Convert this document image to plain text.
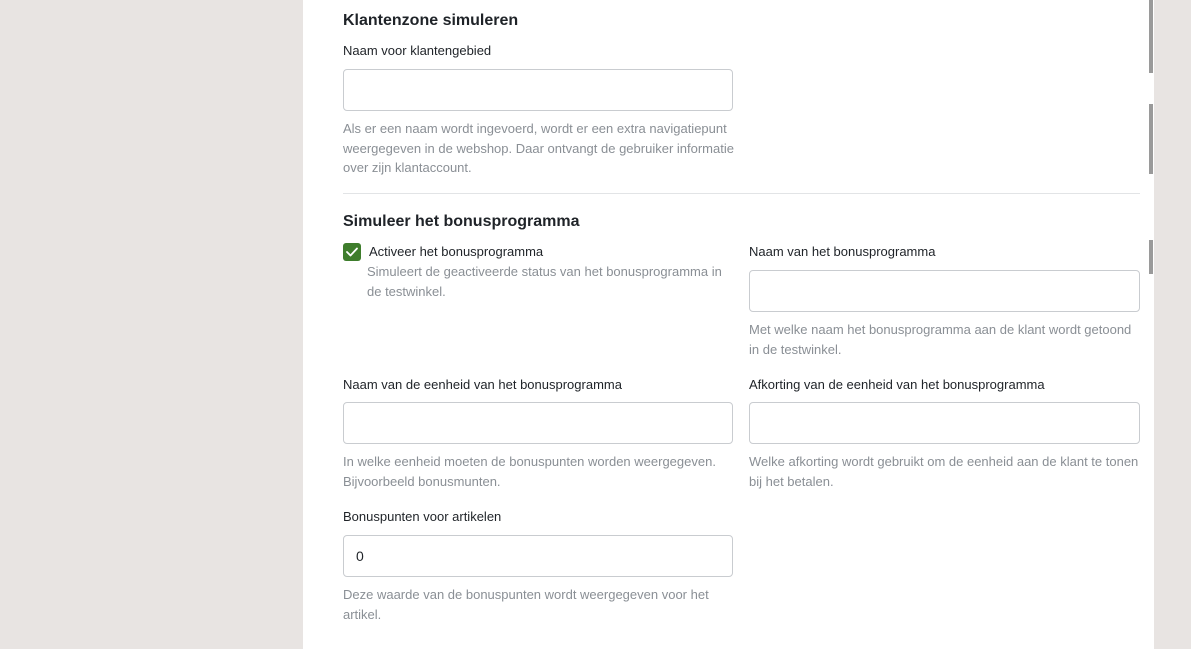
Klantenzone simuleren
Naam voor klantengebied
Als er een naam wordt ingevoerd, wordt er een extra navigatiepunt weergegeven in de webshop. Daar ontvangt de gebruiker informatie over zijn klantaccount.
Simuleer het bonusprogramma
Activeer het bonusprogramma
Simuleert de geactiveerde status van het bonusprogramma in de testwinkel.
Naam van het bonusprogramma
Met welke naam het bonusprogramma aan de klant wordt getoond in de testwinkel.
Naam van de eenheid van het bonusprogramma
In welke eenheid moeten de bonuspunten worden weergegeven. Bijvoorbeeld bonusmunten.
Afkorting van de eenheid van het bonusprogramma
Welke afkorting wordt gebruikt om de eenheid aan de klant te tonen bij het betalen.
Bonuspunten voor artikelen
0
Deze waarde van de bonuspunten wordt weergegeven voor het artikel.
